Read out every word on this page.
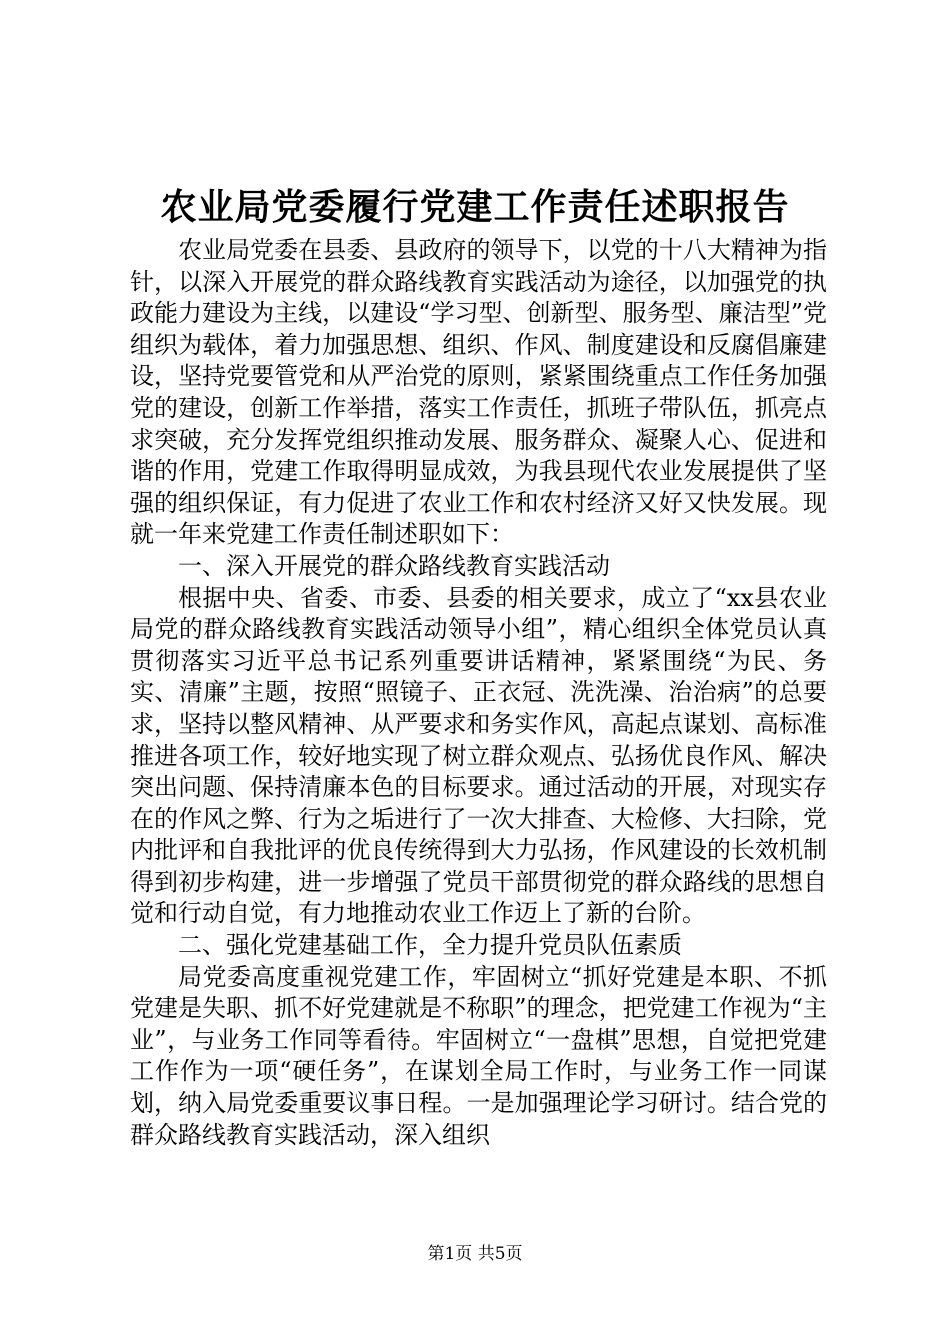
农业局党委履行党建工作责任述职报告

农业局党委在县委、县政府的领导下，以党的十八大精神为指针，以深入开展党的群众路线教育实践活动为途径，以加强党的执政能力建设为主线，以建设“学习型、创新型、服务型、廉洁型”党组织为载体，着力加强思想、组织、作风、制度建设和反腐倡廉建设，坚持党要管党和从严治党的原则，紧紧围绕重点工作任务加强党的建设，创新工作举措，落实工作责任，抓班子带队伍，抓亮点求突破，充分发挥党组织推动发展、服务群众、凝聚人心、促进和谐的作用，党建工作取得明显成效，为我县现代农业发展提供了坚强的组织保证，有力促进了农业工作和农村经济又好又快发展。现就一年来党建工作责任制述职如下：

一、深入开展党的群众路线教育实践活动

根据中央、省委、市委、县委的相关要求，成立了“xx县农业局党的群众路线教育实践活动领导小组”，精心组织全体党员认真贯彻落实习近平总书记系列重要讲话精神，紧紧围绕“为民、务实、清廉”主题，按照“照镜子、正衣冠、洗洗澡、治治病”的总要求，坚持以整风精神、从严要求和务实作风，高起点谋划、高标准推进各项工作，较好地实现了树立群众观点、弘扬优良作风、解决突出问题、保持清廉本色的目标要求。通过活动的开展，对现实存在的作风之弊、行为之垢进行了一次大排查、大检修、大扫除，党内批评和自我批评的优良传统得到大力弘扬，作风建设的长效机制得到初步构建，进一步增强了党员干部贯彻党的群众路线的思想自觉和行动自觉，有力地推动农业工作迈上了新的台阶。

二、强化党建基础工作，全力提升党员队伍素质

局党委高度重视党建工作，牢固树立“抓好党建是本职、不抓党建是失职、抓不好党建就是不称职”的理念，把党建工作视为“主业”，与业务工作同等看待。牢固树立“一盘棋”思想，自觉把党建工作作为一项“硬任务”，在谋划全局工作时，与业务工作一同谋划，纳入局党委重要议事日程。一是加强理论学习研讨。结合党的群众路线教育实践活动，深入组织

第1页 共5页
